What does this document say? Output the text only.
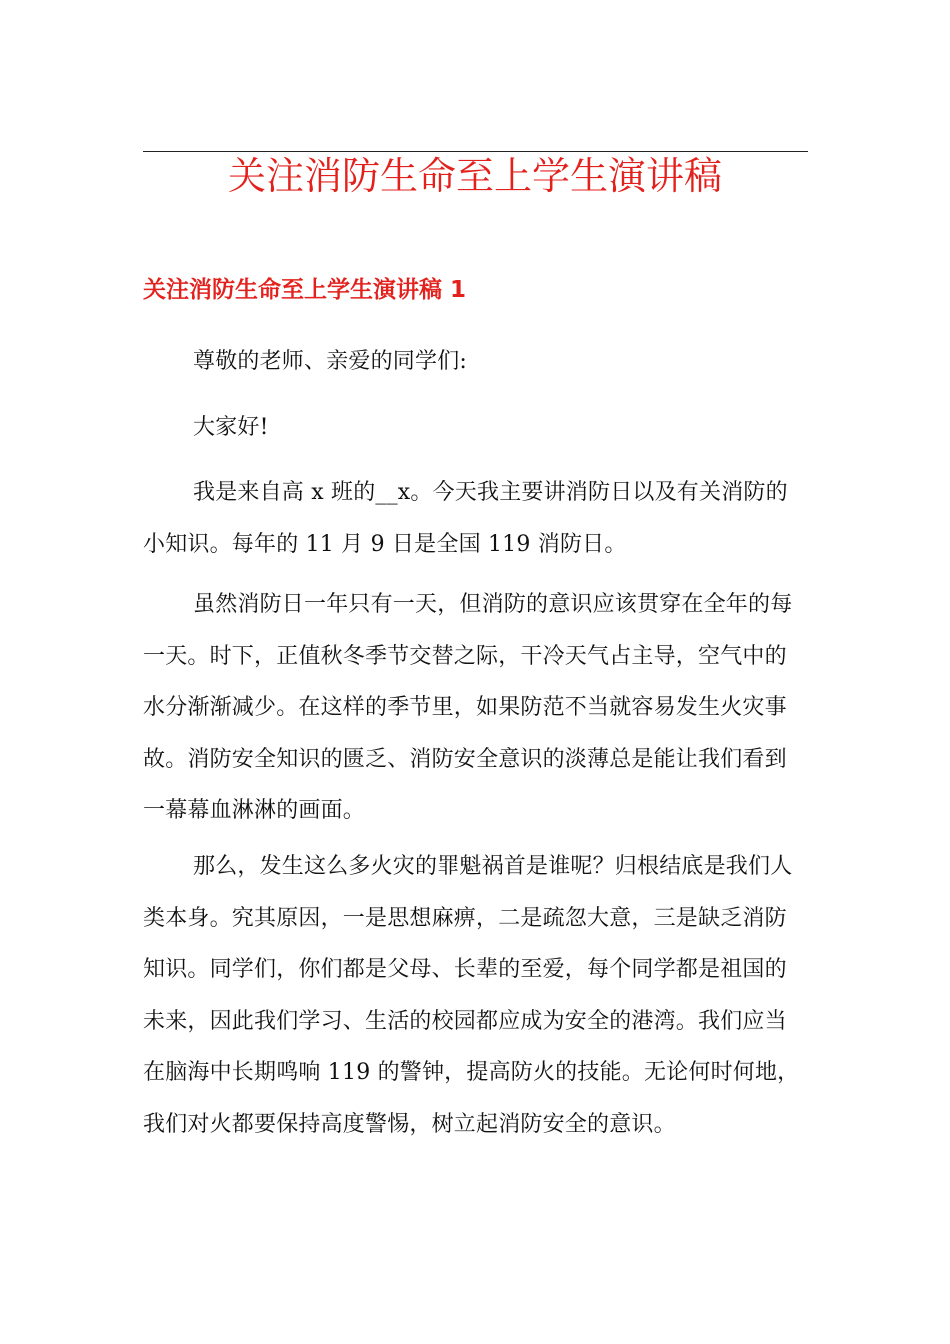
关注消防生命至上学生演讲稿
关注消防生命至上学生演讲稿 1

尊敬的老师、亲爱的同学们:

大家好!

我是来自高 x 班的__x。今天我主要讲消防日以及有关消防的小知识。每年的 11 月 9 日是全国 119 消防日。

虽然消防日一年只有一天，但消防的意识应该贯穿在全年的每一天。时下，正值秋冬季节交替之际，干冷天气占主导，空气中的水分渐渐减少。在这样的季节里，如果防范不当就容易发生火灾事故。消防安全知识的匮乏、消防安全意识的淡薄总是能让我们看到一幕幕血淋淋的画面。

那么，发生这么多火灾的罪魁祸首是谁呢？归根结底是我们人类本身。究其原因，一是思想麻痹，二是疏忽大意，三是缺乏消防知识。同学们，你们都是父母、长辈的至爱，每个同学都是祖国的未来，因此我们学习、生活的校园都应成为安全的港湾。我们应当在脑海中长期鸣响 119 的警钟，提高防火的技能。无论何时何地，我们对火都要保持高度警惕，树立起消防安全的意识。
